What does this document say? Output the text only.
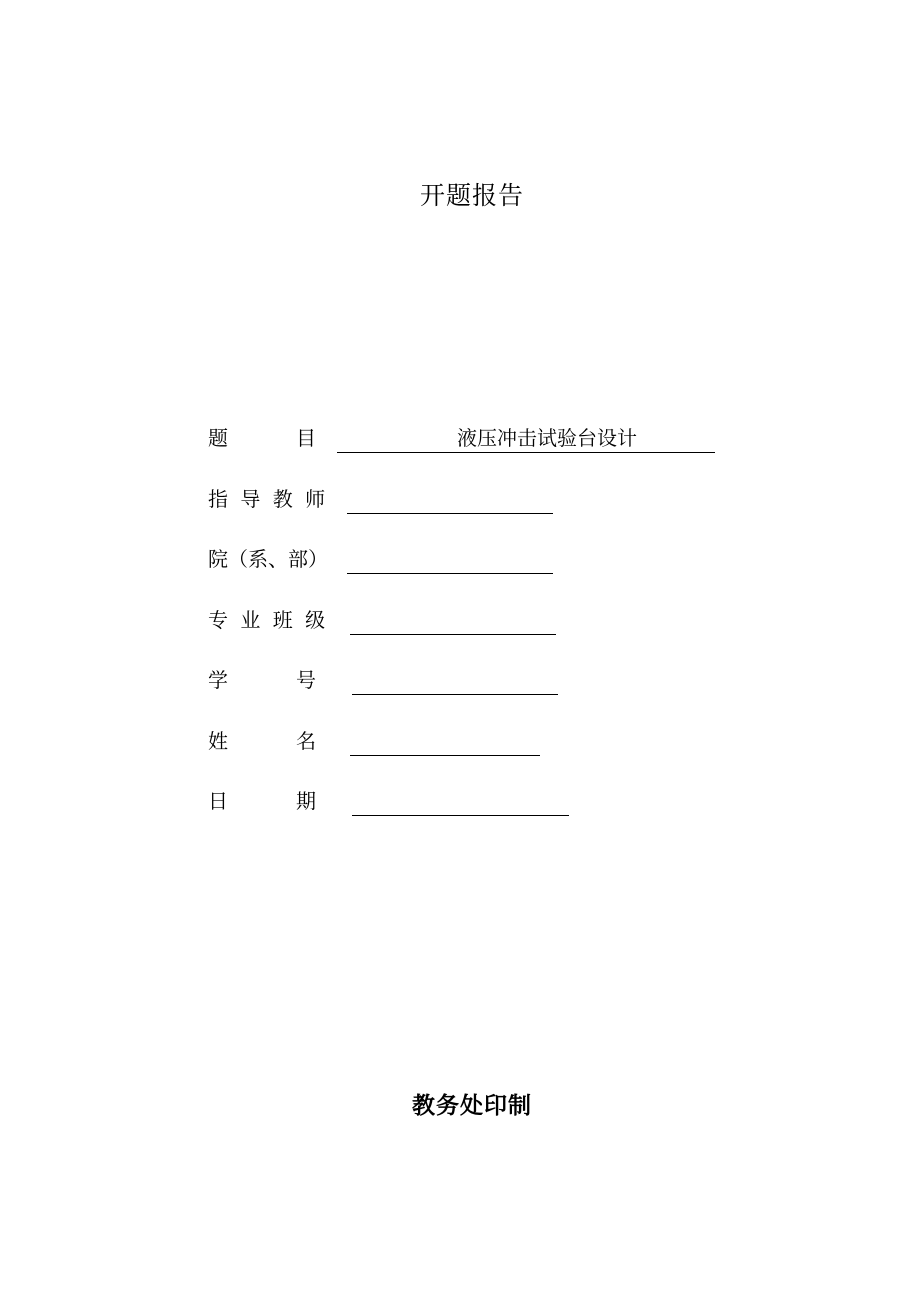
开题报告
题　　　目	液压冲击试验台设计
指 导 教 师
院（系、部）
专 业 班 级
学　　　号
姓　　　名
日　　　期
教务处印制
